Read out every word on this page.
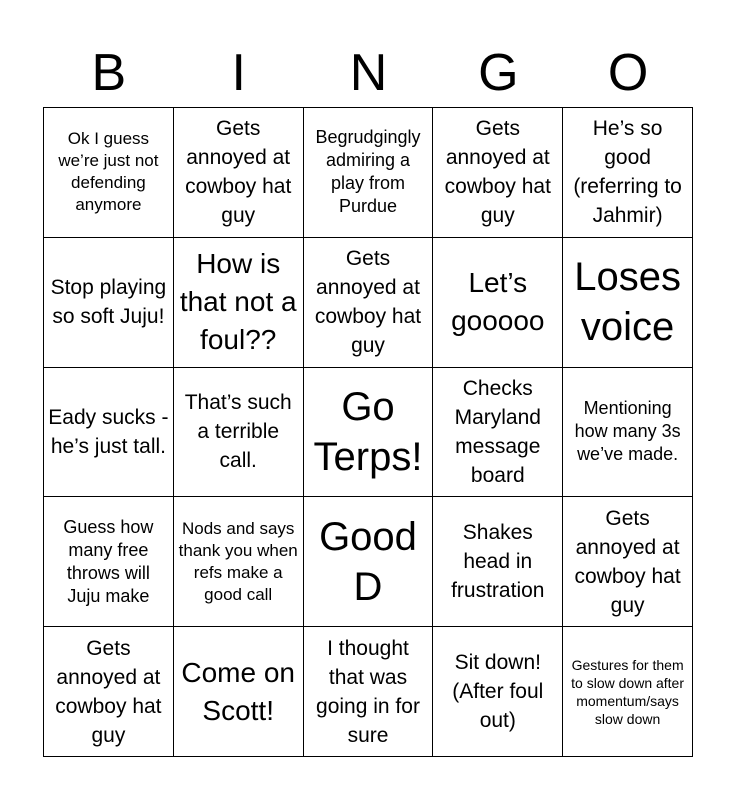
B	I	N	G	O
Ok I guess we’re just not defending anymore
Gets annoyed at cowboy hat guy
Begrudgingly admiring a play from Purdue
Gets annoyed at cowboy hat guy
He’s so good (referring to Jahmir)
Stop playing so soft Juju!
How is that not a foul??
Gets annoyed at cowboy hat guy
Let’s gooooo
Loses voice
Eady sucks - he’s just tall.
That’s such a terrible call.
Go Terps!
Checks Maryland message board
Mentioning how many 3s we’ve made.
Guess how many free throws will Juju make
Nods and says thank you when refs make a good call
Good D
Shakes head in frustration
Gets annoyed at cowboy hat guy
Gets annoyed at cowboy hat guy
Come on Scott!
I thought that was going in for sure
Sit down! (After foul out)
Gestures for them to slow down after momentum/says slow down
